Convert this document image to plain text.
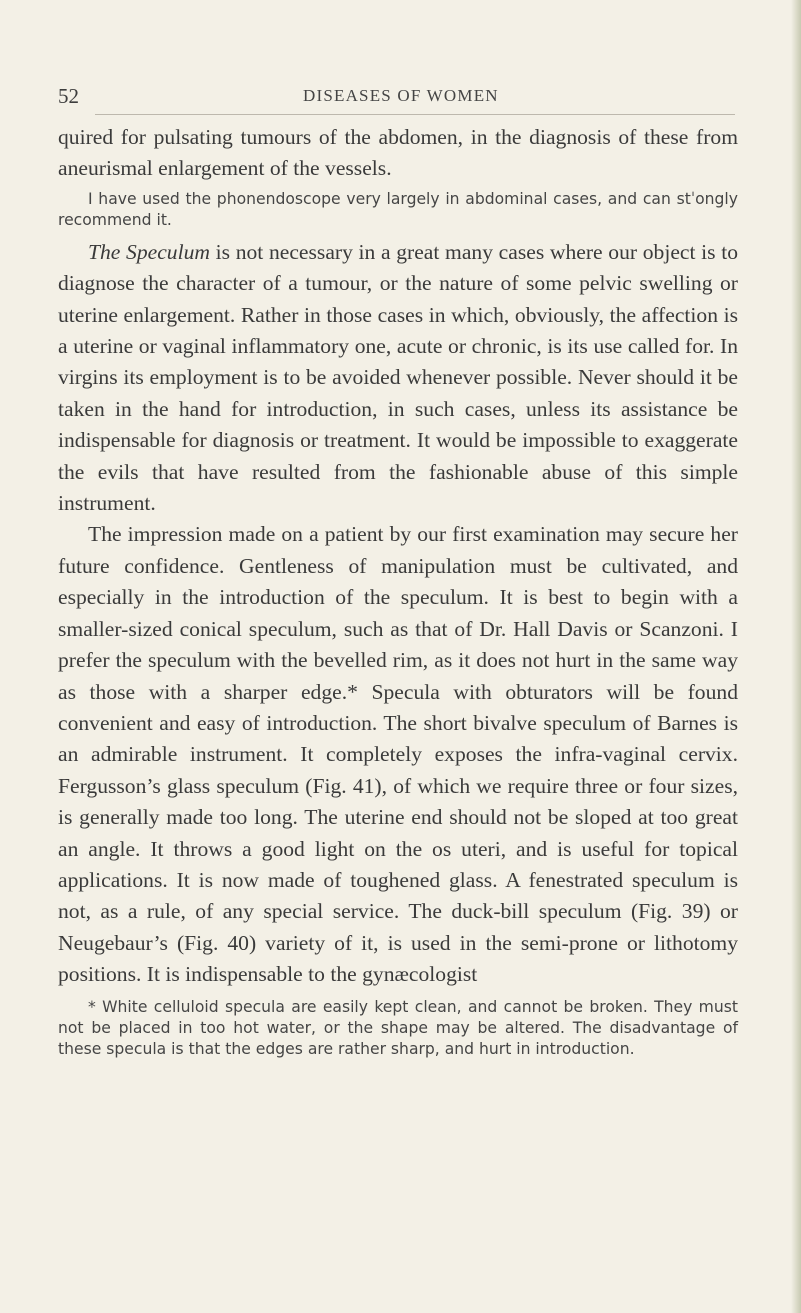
52	DISEASES OF WOMEN

quired for pulsating tumours of the abdomen, in the diagnosis of these from aneurismal enlargement of the vessels.

I have used the phonendoscope very largely in abdominal cases, and can stˈongly recommend it.

The Speculum is not necessary in a great many cases where our object is to diagnose the character of a tumour, or the nature of some pelvic swelling or uterine enlargement. Rather in those cases in which, obviously, the affection is a uterine or vaginal inflammatory one, acute or chronic, is its use called for. In virgins its employment is to be avoided whenever possible. Never should it be taken in the hand for introduction, in such cases, unless its assistance be indispensable for diagnosis or treatment. It would be impossible to exaggerate the evils that have resulted from the fashionable abuse of this simple instrument.

The impression made on a patient by our first examination may secure her future confidence. Gentleness of manipulation must be cultivated, and especially in the introduction of the speculum. It is best to begin with a smaller-sized conical speculum, such as that of Dr. Hall Davis or Scanzoni. I prefer the speculum with the bevelled rim, as it does not hurt in the same way as those with a sharper edge.* Specula with obturators will be found convenient and easy of introduction. The short bivalve speculum of Barnes is an admirable instrument. It completely exposes the infra-vaginal cervix. Fergusson’s glass speculum (Fig. 41), of which we require three or four sizes, is generally made too long. The uterine end should not be sloped at too great an angle. It throws a good light on the os uteri, and is useful for topical applications. It is now made of toughened glass. A fenestrated speculum is not, as a rule, of any special service. The duck-bill speculum (Fig. 39) or Neugebaur’s (Fig. 40) variety of it, is used in the semi-prone or lithotomy positions. It is indispensable to the gynæcologist

* White celluloid specula are easily kept clean, and cannot be broken. They must not be placed in too hot water, or the shape may be altered. The disadvantage of these specula is that the edges are rather sharp, and hurt in introduction.
